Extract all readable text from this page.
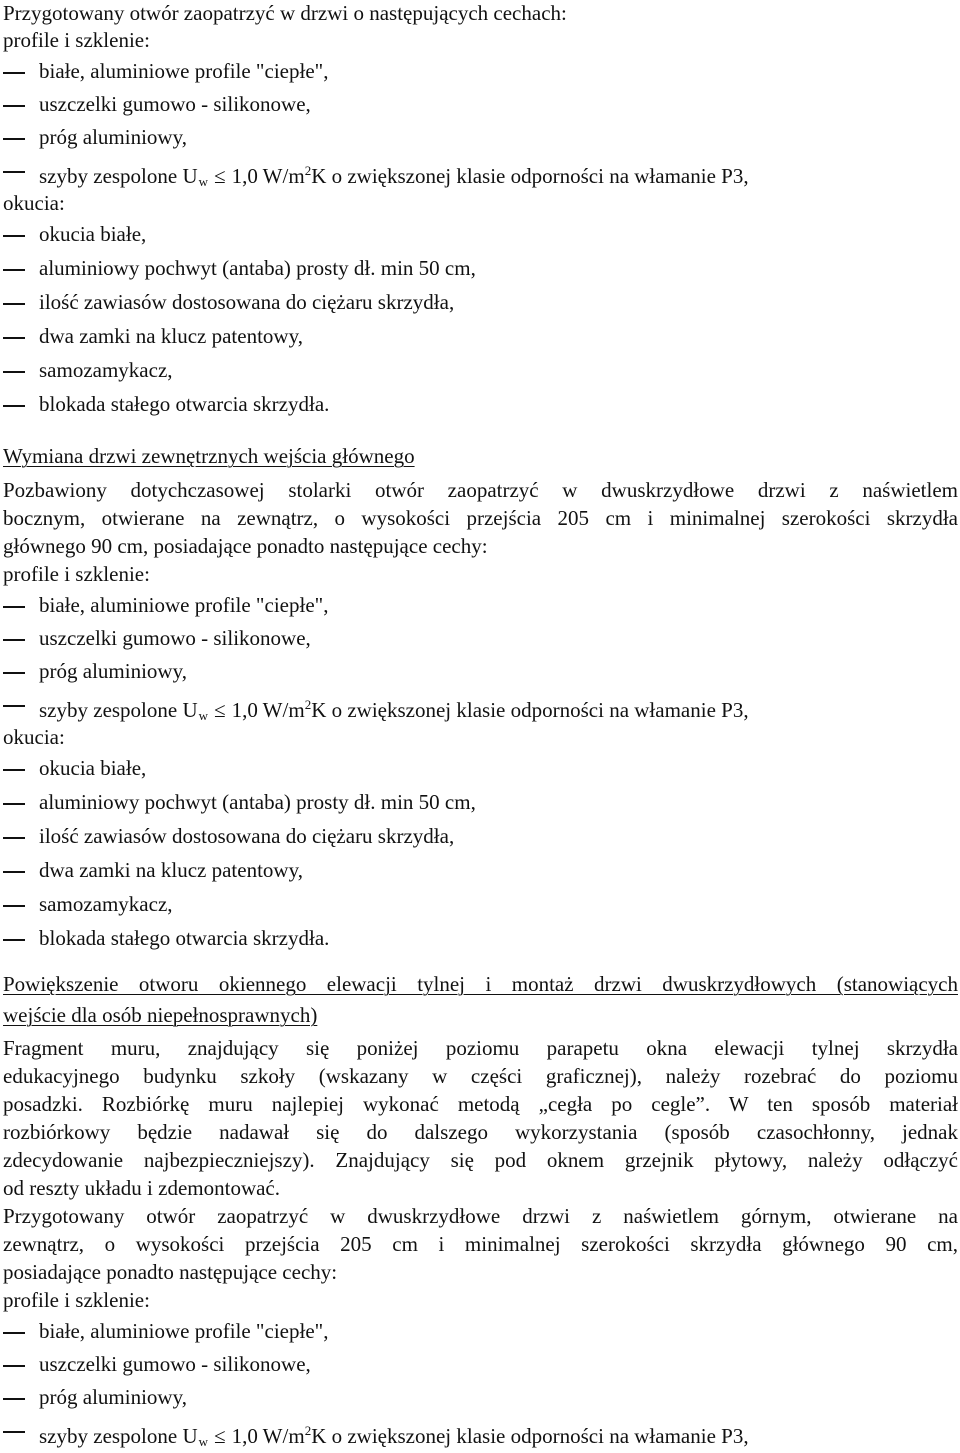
Przygotowany otwór zaopatrzyć w drzwi o następujących cechach:
profile i szklenie:
białe, aluminiowe profile "ciepłe",
uszczelki gumowo - silikonowe,
próg aluminiowy,
szyby zespolone $U_w \le 1,0$ $W/m^2K$ o zwiększonej klasie odporności na włamanie P3,
okucia:
okucia białe,
aluminiowy pochwyt (antaba) prosty dł. min 50 cm,
ilość zawiasów dostosowana do ciężaru skrzydła,
dwa zamki na klucz patentowy,
samozamykacz,
blokada stałego otwarcia skrzydła.
Wymiana drzwi zewnętrznych wejścia głównego
Pozbawiony dotychczasowej stolarki otwór zaopatrzyć w dwuskrzydłowe drzwi z naświetlem
bocznym, otwierane na zewnątrz, o wysokości przejścia 205 cm i minimalnej szerokości skrzydła
głównego 90 cm, posiadające ponadto następujące cechy:
profile i szklenie:
białe, aluminiowe profile "ciepłe",
uszczelki gumowo - silikonowe,
próg aluminiowy,
szyby zespolone $U_w \le 1,0$ $W/m^2K$ o zwiększonej klasie odporności na włamanie P3,
okucia:
okucia białe,
aluminiowy pochwyt (antaba) prosty dł. min 50 cm,
ilość zawiasów dostosowana do ciężaru skrzydła,
dwa zamki na klucz patentowy,
samozamykacz,
blokada stałego otwarcia skrzydła.
Powiększenie otworu okiennego elewacji tylnej i montaż drzwi dwuskrzydłowych (stanowiących
wejście dla osób niepełnosprawnych)
Fragment muru, znajdujący się poniżej poziomu parapetu okna elewacji tylnej skrzydła
edukacyjnego budynku szkoły (wskazany w części graficznej), należy rozebrać do poziomu
posadzki. Rozbiórkę muru najlepiej wykonać metodą „cegła po cegle”. W ten sposób materiał
rozbiórkowy będzie nadawał się do dalszego wykorzystania (sposób czasochłonny, jednak
zdecydowanie najbezpieczniejszy). Znajdujący się pod oknem grzejnik płytowy, należy odłączyć
od reszty układu i zdemontować.
Przygotowany otwór zaopatrzyć w dwuskrzydłowe drzwi z naświetlem górnym, otwierane na
zewnątrz, o wysokości przejścia 205 cm i minimalnej szerokości skrzydła głównego 90 cm,
posiadające ponadto następujące cechy:
profile i szklenie:
białe, aluminiowe profile "ciepłe",
uszczelki gumowo - silikonowe,
próg aluminiowy,
szyby zespolone $U_w \le 1,0$ $W/m^2K$ o zwiększonej klasie odporności na włamanie P3,
